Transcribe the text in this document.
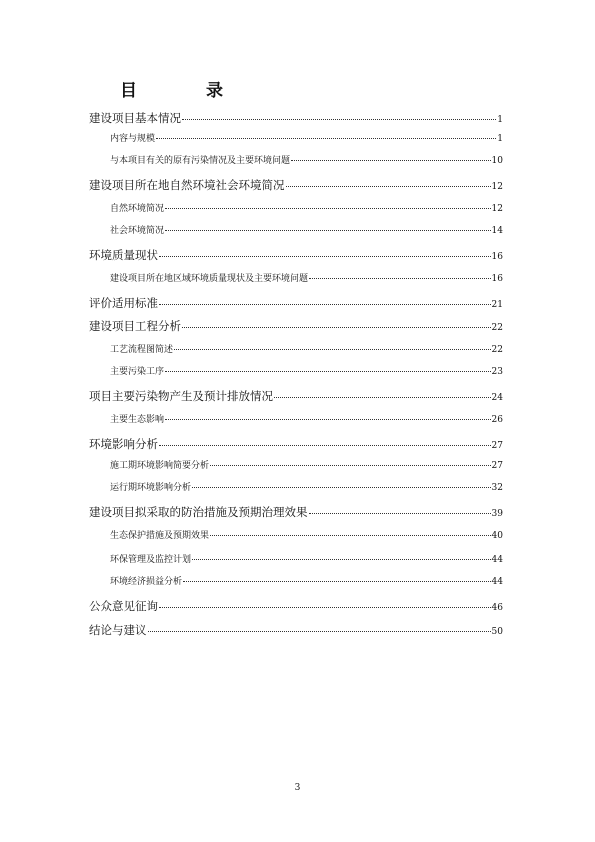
目　录
建设项目基本情况	1
内容与规模	1
与本项目有关的原有污染情况及主要环境问题	10
建设项目所在地自然环境社会环境简况	12
自然环境简况	12
社会环境简况	14
环境质量现状	16
建设项目所在地区域环境质量现状及主要环境问题	16
评价适用标准	21
建设项目工程分析	22
工艺流程图简述	22
主要污染工序	23
项目主要污染物产生及预计排放情况	24
主要生态影响	26
环境影响分析	27
施工期环境影响简要分析	27
运行期环境影响分析	32
建设项目拟采取的防治措施及预期治理效果	39
生态保护措施及预期效果	40
环保管理及监控计划	44
环境经济损益分析	44
公众意见征询	46
结论与建议	50
3
